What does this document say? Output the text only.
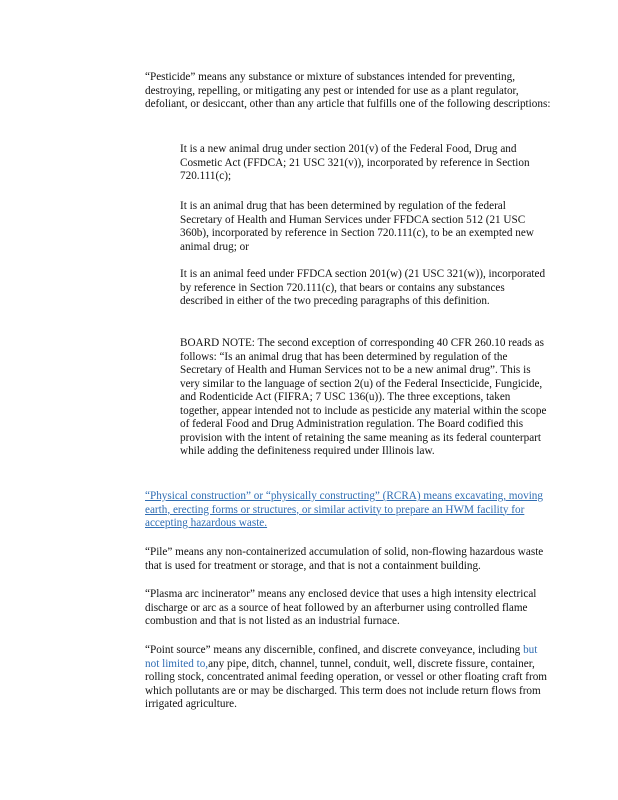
“Pesticide” means any substance or mixture of substances intended for preventing, destroying, repelling, or mitigating any pest or intended for use as a plant regulator, defoliant, or desiccant, other than any article that fulfills one of the following descriptions:

It is a new animal drug under section 201(v) of the Federal Food, Drug and Cosmetic Act (FFDCA; 21 USC 321(v)), incorporated by reference in Section 720.111(c);

It is an animal drug that has been determined by regulation of the federal Secretary of Health and Human Services under FFDCA section 512 (21 USC 360b), incorporated by reference in Section 720.111(c), to be an exempted new animal drug; or

It is an animal feed under FFDCA section 201(w) (21 USC 321(w)), incorporated by reference in Section 720.111(c), that bears or contains any substances described in either of the two preceding paragraphs of this definition.

BOARD NOTE: The second exception of corresponding 40 CFR 260.10 reads as follows: “Is an animal drug that has been determined by regulation of the Secretary of Health and Human Services not to be a new animal drug”. This is very similar to the language of section 2(u) of the Federal Insecticide, Fungicide, and Rodenticide Act (FIFRA; 7 USC 136(u)). The three exceptions, taken together, appear intended not to include as pesticide any material within the scope of federal Food and Drug Administration regulation. The Board codified this provision with the intent of retaining the same meaning as its federal counterpart while adding the definiteness required under Illinois law.

“Physical construction” or “physically constructing” (RCRA) means excavating, moving earth, erecting forms or structures, or similar activity to prepare an HWM facility for accepting hazardous waste.

“Pile” means any non-containerized accumulation of solid, non-flowing hazardous waste that is used for treatment or storage, and that is not a containment building.

“Plasma arc incinerator” means any enclosed device that uses a high intensity electrical discharge or arc as a source of heat followed by an afterburner using controlled flame combustion and that is not listed as an industrial furnace.

“Point source” means any discernible, confined, and discrete conveyance, including but not limited to,any pipe, ditch, channel, tunnel, conduit, well, discrete fissure, container, rolling stock, concentrated animal feeding operation, or vessel or other floating craft from which pollutants are or may be discharged. This term does not include return flows from irrigated agriculture.
